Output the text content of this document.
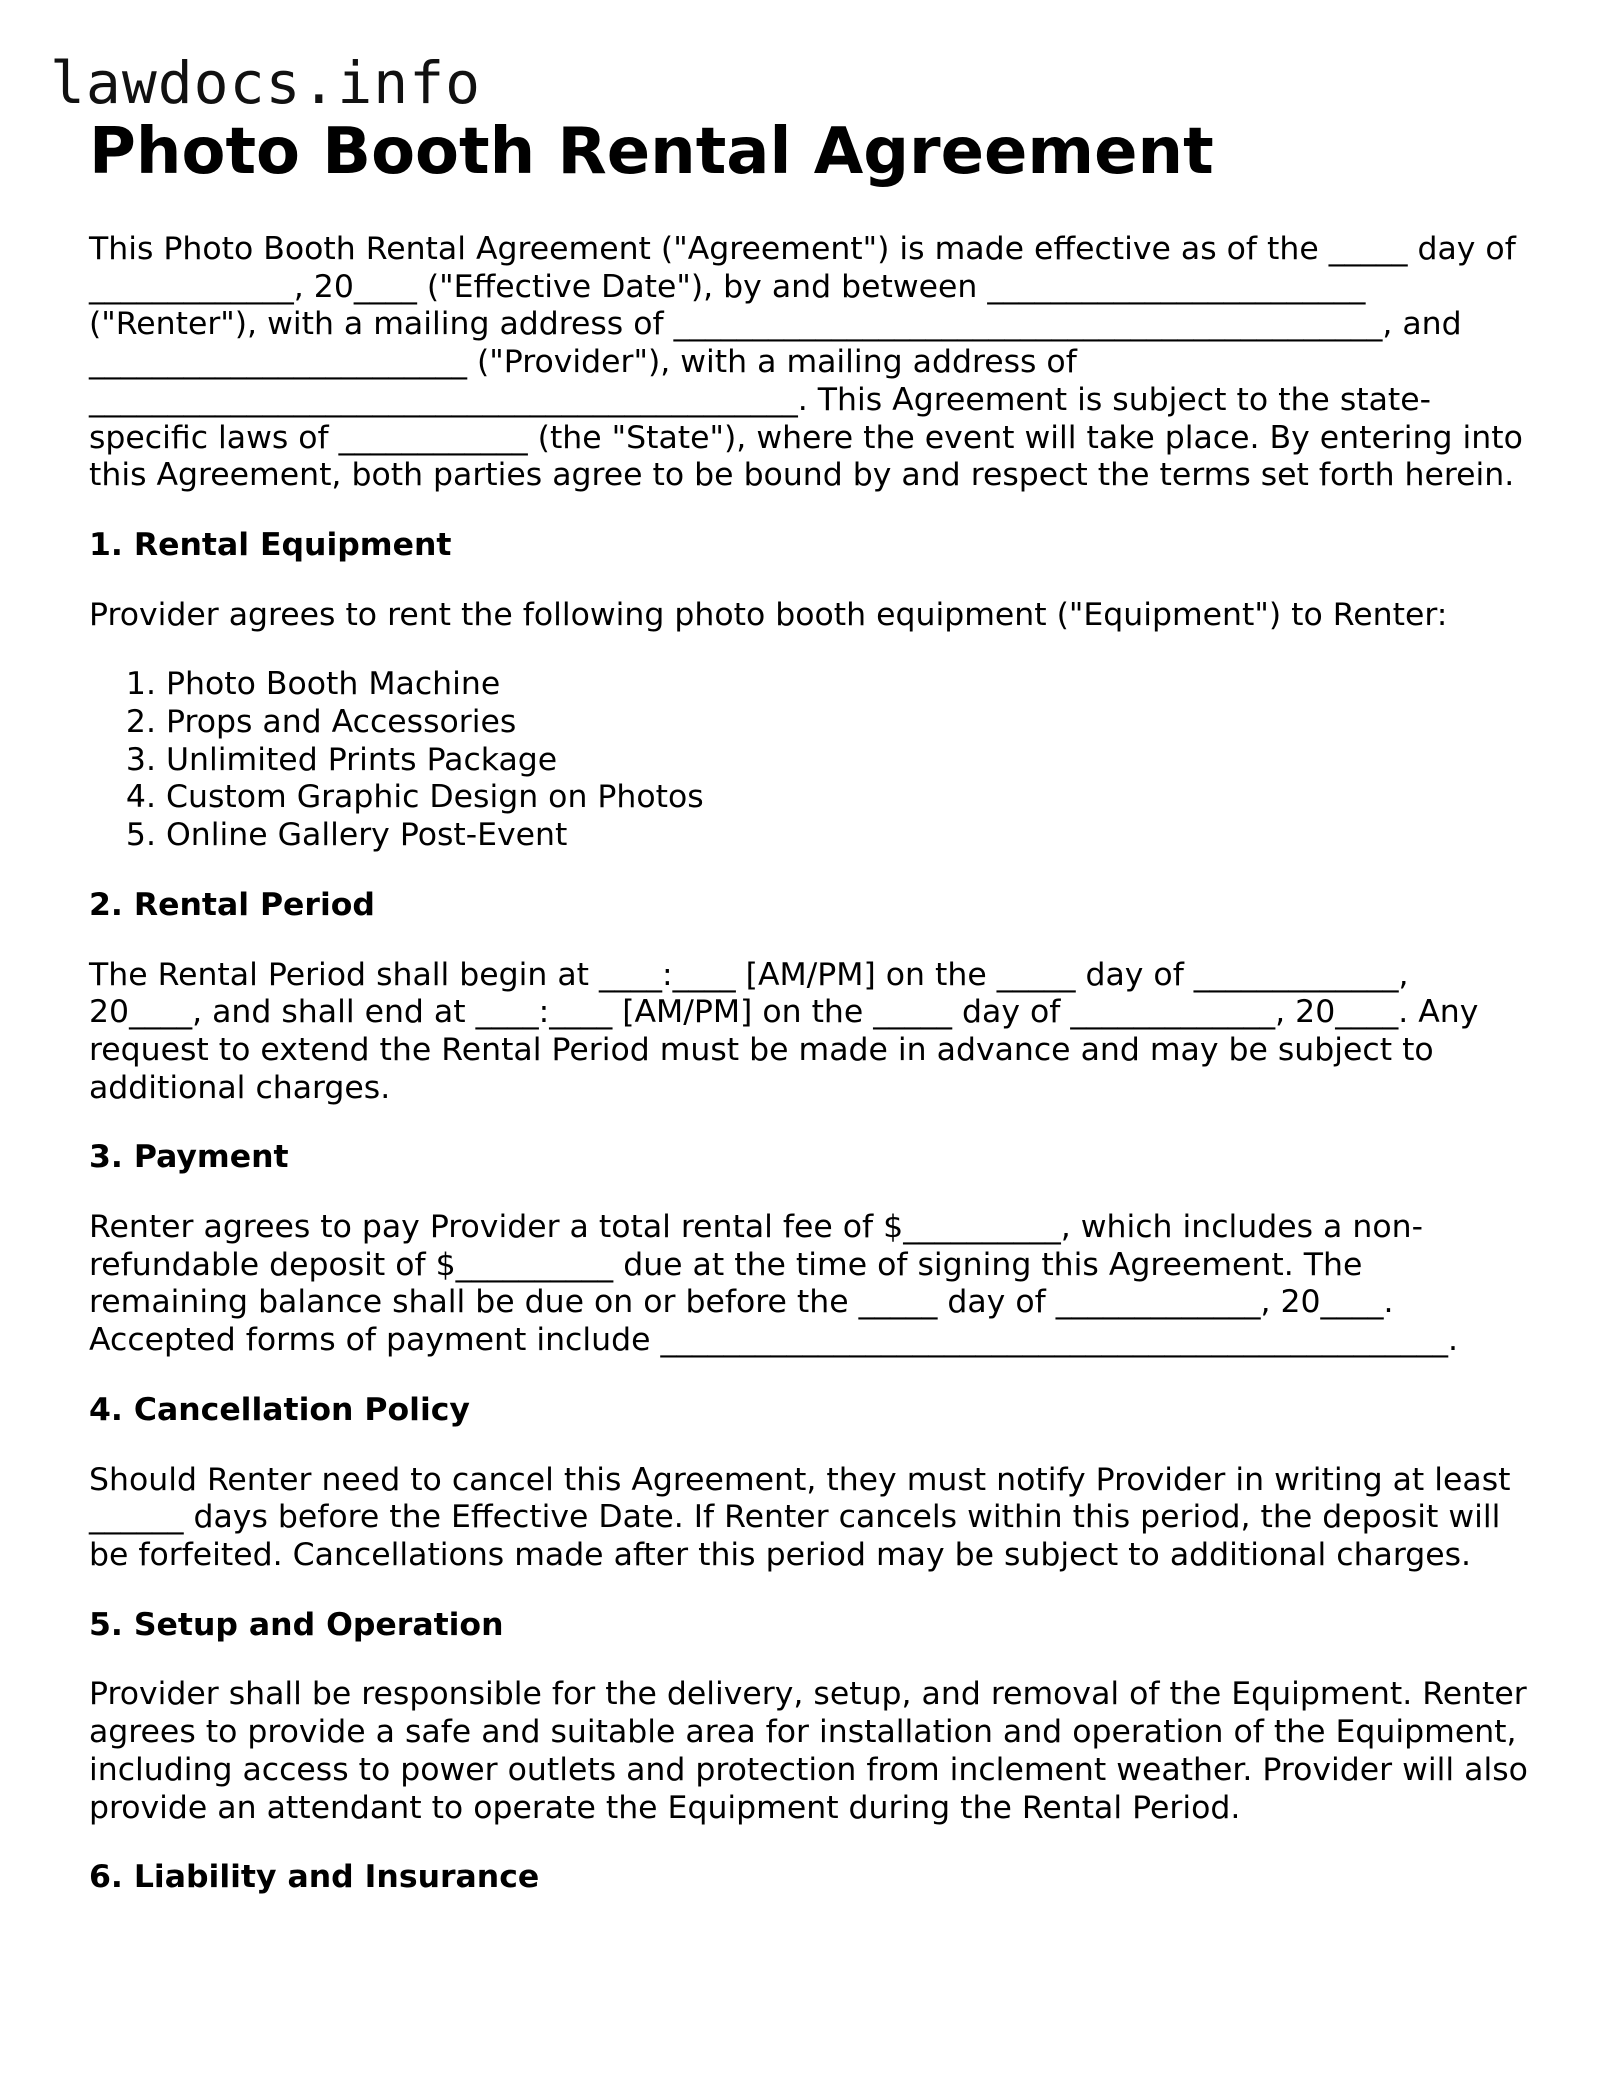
lawdocs.info
Photo Booth Rental Agreement

This Photo Booth Rental Agreement ("Agreement") is made effective as of the _____ day of _____________, 20____ ("Effective Date"), by and between ________________________ ("Renter"), with a mailing address of _____________________________________________, and ________________________ ("Provider"), with a mailing address of _____________________________________________. This Agreement is subject to the state-specific laws of ____________ (the "State"), where the event will take place. By entering into this Agreement, both parties agree to be bound by and respect the terms set forth herein.

1. Rental Equipment

Provider agrees to rent the following photo booth equipment ("Equipment") to Renter:

1. Photo Booth Machine
2. Props and Accessories
3. Unlimited Prints Package
4. Custom Graphic Design on Photos
5. Online Gallery Post-Event
2. Rental Period

The Rental Period shall begin at ____:____ [AM/PM] on the _____ day of _____________, 20____, and shall end at ____:____ [AM/PM] on the _____ day of _____________, 20____. Any request to extend the Rental Period must be made in advance and may be subject to additional charges.

3. Payment

Renter agrees to pay Provider a total rental fee of $__________, which includes a non-refundable deposit of $__________ due at the time of signing this Agreement. The remaining balance shall be due on or before the _____ day of _____________, 20____. Accepted forms of payment include __________________________________________________.

4. Cancellation Policy

Should Renter need to cancel this Agreement, they must notify Provider in writing at least ______ days before the Effective Date. If Renter cancels within this period, the deposit will be forfeited. Cancellations made after this period may be subject to additional charges.

5. Setup and Operation

Provider shall be responsible for the delivery, setup, and removal of the Equipment. Renter agrees to provide a safe and suitable area for installation and operation of the Equipment, including access to power outlets and protection from inclement weather. Provider will also provide an attendant to operate the Equipment during the Rental Period.

6. Liability and Insurance
